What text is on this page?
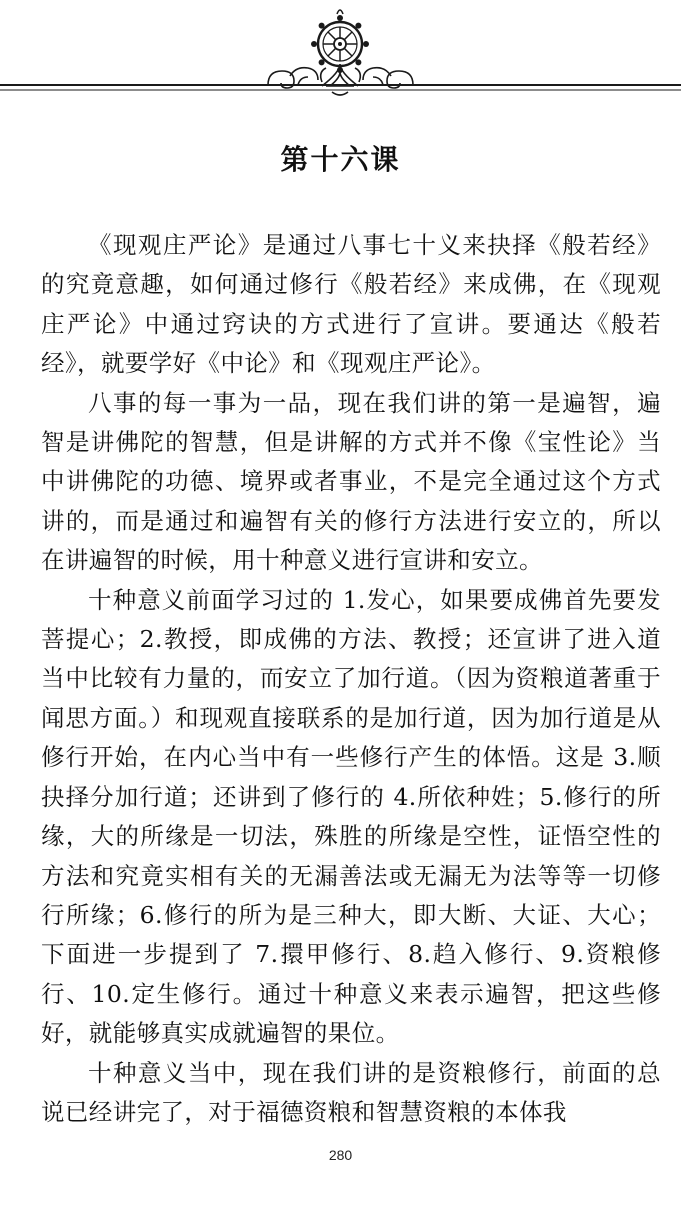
第十六课

《现观庄严论》是通过八事七十义来抉择《般若经》的究竟意趣，如何通过修行《般若经》来成佛，在《现观庄严论》中通过窍诀的方式进行了宣讲。要通达《般若经》，就要学好《中论》和《现观庄严论》。

八事的每一事为一品，现在我们讲的第一是遍智，遍智是讲佛陀的智慧，但是讲解的方式并不像《宝性论》当中讲佛陀的功德、境界或者事业，不是完全通过这个方式讲的，而是通过和遍智有关的修行方法进行安立的，所以在讲遍智的时候，用十种意义进行宣讲和安立。

十种意义前面学习过的 1.发心，如果要成佛首先要发菩提心；2.教授，即成佛的方法、教授；还宣讲了进入道当中比较有力量的，而安立了加行道。（因为资粮道著重于闻思方面。）和现观直接联系的是加行道，因为加行道是从修行开始，在内心当中有一些修行产生的体悟。这是 3.顺抉择分加行道；还讲到了修行的 4.所依种姓；5.修行的所缘，大的所缘是一切法，殊胜的所缘是空性，证悟空性的方法和究竟实相有关的无漏善法或无漏无为法等等一切修行所缘；6.修行的所为是三种大，即大断、大证、大心；下面进一步提到了 7.擐甲修行、8.趋入修行、9.资粮修行、10.定生修行。通过十种意义来表示遍智，把这些修好，就能够真实成就遍智的果位。

十种意义当中，现在我们讲的是资粮修行，前面的总说已经讲完了，对于福德资粮和智慧资粮的本体我

280
